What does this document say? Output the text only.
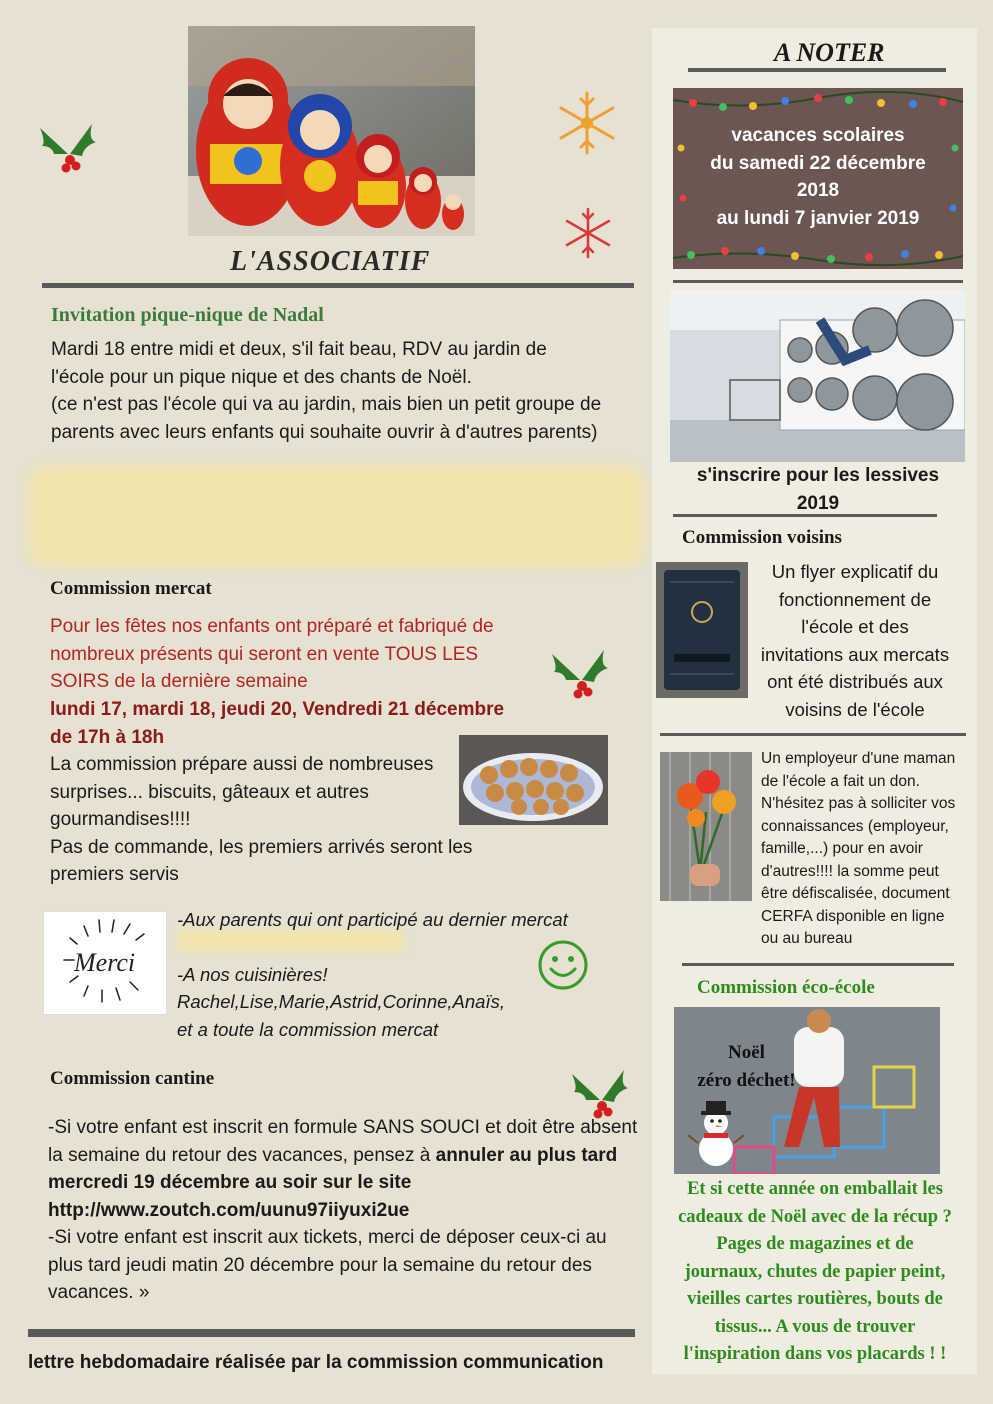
L'ASSOCIATIF
Invitation pique-nique de Nadal
Mardi 18 entre midi et deux, s'il fait beau, RDV au jardin de
l'école pour un pique nique et des chants de Noël.
(ce n'est pas l'école qui va au jardin, mais bien un petit groupe de
parents avec leurs enfants qui souhaite ouvrir à d'autres parents)
Commission mercat
Pour les fêtes nos enfants ont préparé et fabriqué de
nombreux présents qui seront en vente TOUS LES
SOIRS de la dernière semaine
lundi 17, mardi 18, jeudi 20, Vendredi 21 décembre
de 17h à 18h
La commission prépare aussi de nombreuses
surprises... biscuits, gâteaux et autres
gourmandises!!!!
Pas de commande, les premiers arrivés seront les
premiers servis
Merci
-Aux parents qui ont participé au dernier mercat
-A nos cuisinières!
Rachel,Lise,Marie,Astrid,Corinne,Anaïs,
et a toute la commission mercat
Commission cantine
-Si votre enfant est inscrit en formule SANS SOUCI et doit être absent la semaine du retour des vacances, pensez à annuler au plus tard mercredi 19 décembre au soir sur le site http://www.zoutch.com/uunu97iiyuxi2ue
-Si votre enfant est inscrit aux tickets, merci de déposer ceux-ci au plus tard jeudi matin 20 décembre pour la semaine du retour des vacances. »
lettre hebdomadaire réalisée par la commission communication
A NOTER
vacances scolaires
du samedi 22 décembre
2018
au lundi 7 janvier 2019
s'inscrire pour les lessives
2019
Commission voisins
Un flyer explicatif du
fonctionnement de
l'école et des
invitations aux mercats
ont été distribués aux
voisins de l'école
Un employeur d'une maman
de l'école a fait un don.
N'hésitez pas à solliciter vos
connaissances (employeur,
famille,...) pour en avoir
d'autres!!!! la somme peut
être défiscalisée, document
CERFA disponible en ligne
ou au bureau
Commission éco-école
Noël
zéro déchet!
Et si cette année on emballait les
cadeaux de Noël avec de la récup ?
Pages de magazines et de
journaux, chutes de papier peint,
vieilles cartes routières, bouts de
tissus... A vous de trouver
l'inspiration dans vos placards ! !
